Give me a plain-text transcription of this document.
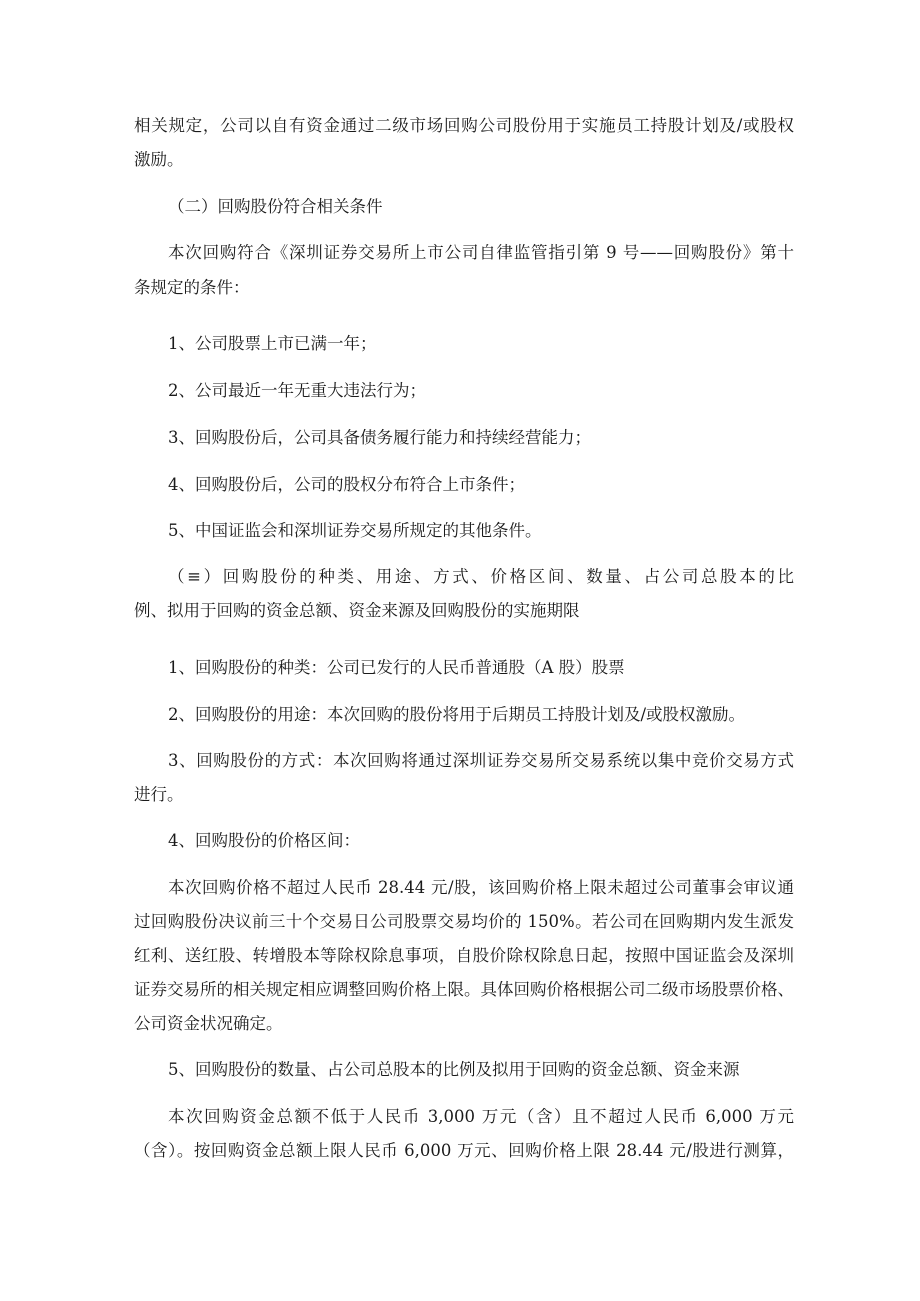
相关规定，公司以自有资金通过二级市场回购公司股份用于实施员工持股计划及/或股权
激励。
（二）回购股份符合相关条件
本次回购符合《深圳证券交易所上市公司自律监管指引第 9 号——回购股份》第十
条规定的条件：
1、公司股票上市已满一年；
2、公司最近一年无重大违法行为；
3、回购股份后，公司具备债务履行能力和持续经营能力；
4、回购股份后，公司的股权分布符合上市条件；
5、中国证监会和深圳证券交易所规定的其他条件。
（≡）回购股份的种类、用途、方式、价格区间、数量、占公司总股本的比
例、拟用于回购的资金总额、资金来源及回购股份的实施期限
1、回购股份的种类：公司已发行的人民币普通股（A 股）股票
2、回购股份的用途：本次回购的股份将用于后期员工持股计划及/或股权激励。
3、回购股份的方式：本次回购将通过深圳证券交易所交易系统以集中竞价交易方式
进行。
4、回购股份的价格区间：
本次回购价格不超过人民币 28.44 元/股，该回购价格上限未超过公司董事会审议通
过回购股份决议前三十个交易日公司股票交易均价的 150%。若公司在回购期内发生派发
红利、送红股、转增股本等除权除息事项，自股价除权除息日起，按照中国证监会及深圳
证券交易所的相关规定相应调整回购价格上限。具体回购价格根据公司二级市场股票价格、
公司资金状况确定。
5、回购股份的数量、占公司总股本的比例及拟用于回购的资金总额、资金来源
本次回购资金总额不低于人民币 3,000 万元（含）且不超过人民币 6,000 万元
（含）。按回购资金总额上限人民币 6,000 万元、回购价格上限 28.44 元/股进行测算，
